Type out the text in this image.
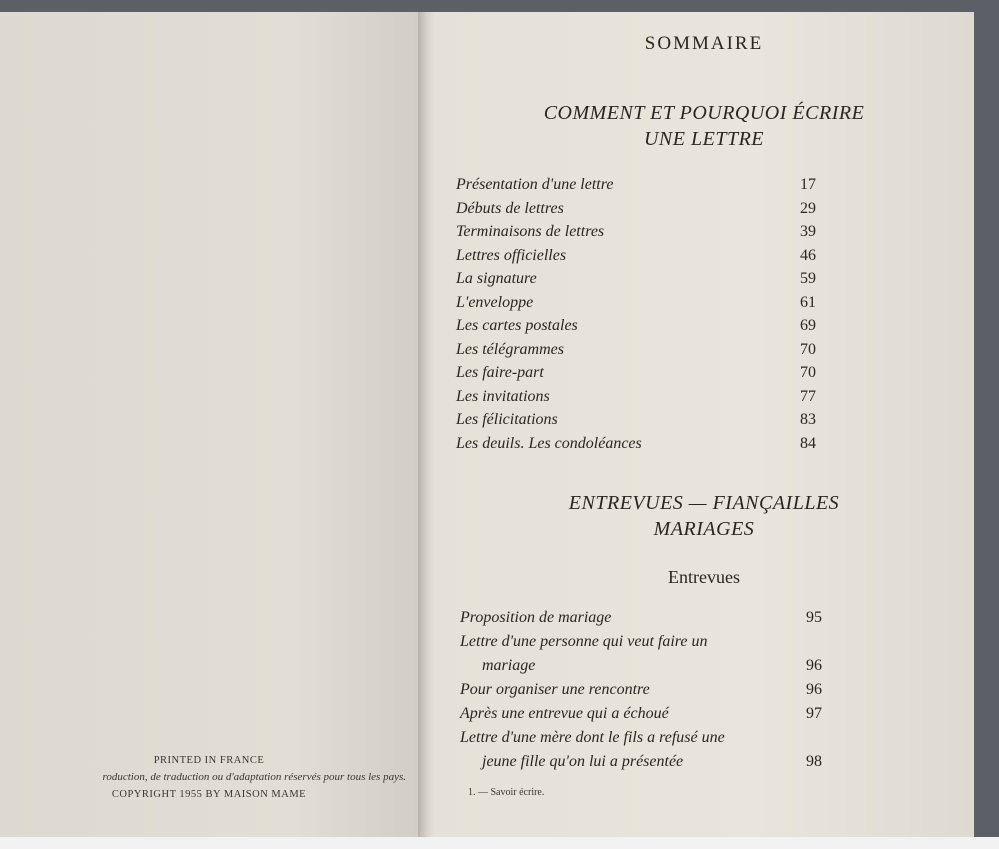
PRINTED IN FRANCE
roduction, de traduction ou d'adaptation réservés pour tous les pays.
COPYRIGHT 1955 BY MAISON MAME
SOMMAIRE
COMMENT ET POURQUOI ÉCRIRE
UNE LETTRE
Présentation d'une lettre	17
Débuts de lettres	29
Terminaisons de lettres	39
Lettres officielles	46
La signature	59
L'enveloppe	61
Les cartes postales	69
Les télégrammes	70
Les faire-part	70
Les invitations	77
Les félicitations	83
Les deuils. Les condoléances	84
ENTREVUES — FIANÇAILLES
MARIAGES
Entrevues
Proposition de mariage	95
Lettre d'une personne qui veut faire un
mariage	96
Pour organiser une rencontre	96
Après une entrevue qui a échoué	97
Lettre d'une mère dont le fils a refusé une
jeune fille qu'on lui a présentée	98
1. — Savoir écrire.
